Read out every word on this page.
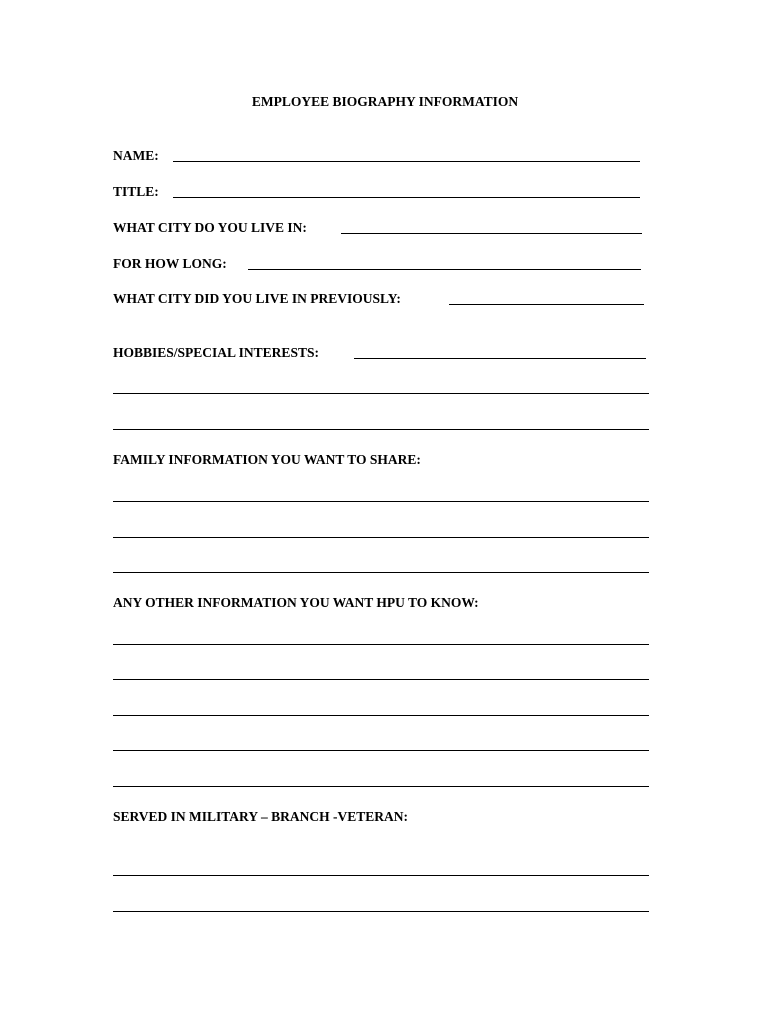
EMPLOYEE BIOGRAPHY INFORMATION
NAME:
TITLE:
WHAT CITY DO YOU LIVE IN:
FOR HOW LONG:
WHAT CITY DID YOU LIVE IN PREVIOUSLY:
HOBBIES/SPECIAL INTERESTS:
FAMILY INFORMATION YOU WANT TO SHARE:
ANY OTHER INFORMATION YOU WANT HPU TO KNOW:
SERVED IN MILITARY – BRANCH -VETERAN:
